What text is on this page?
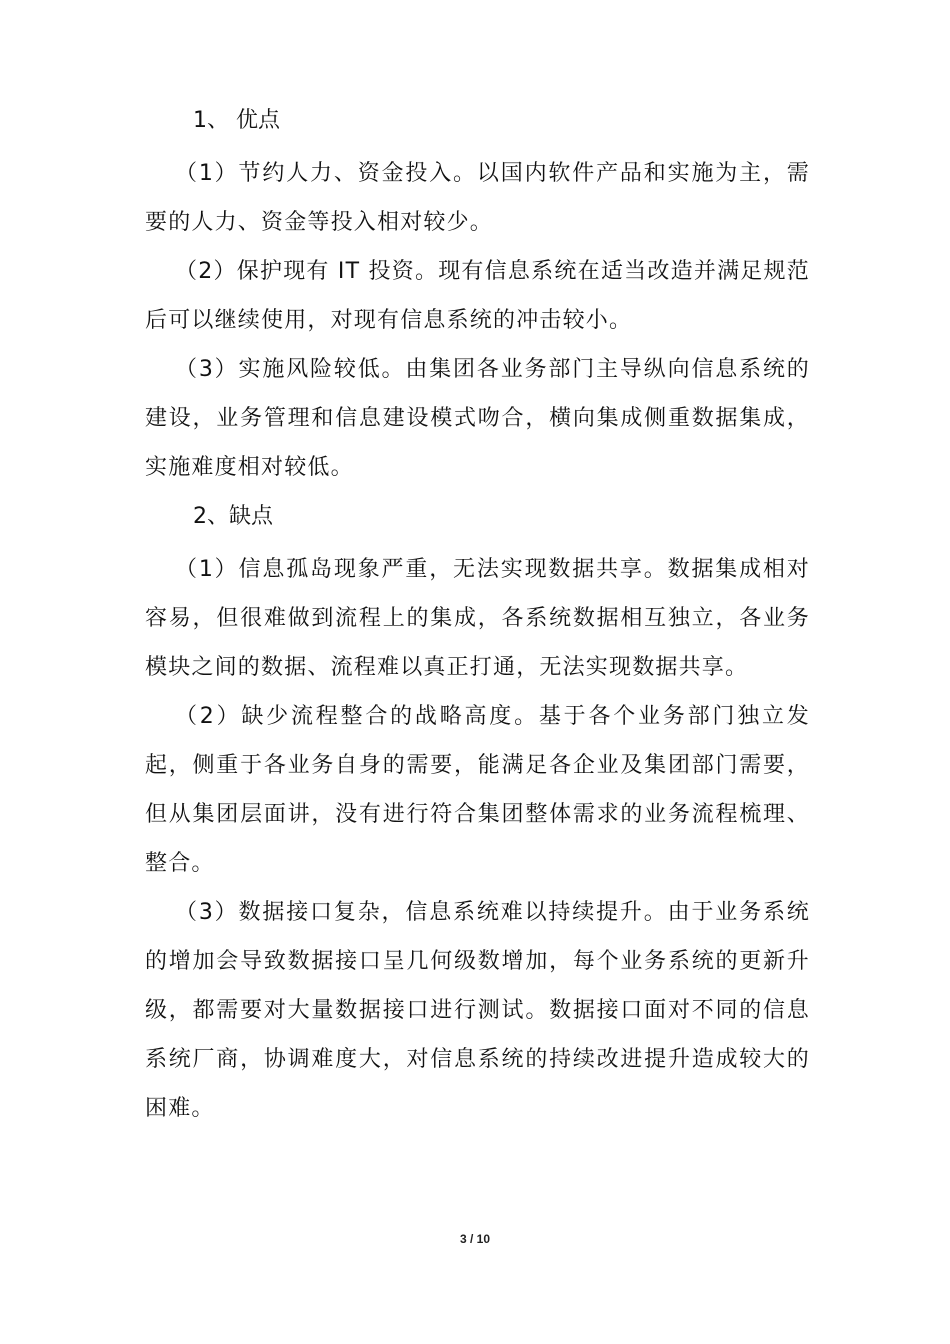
1、 优点

（1）节约人力、资金投入。以国内软件产品和实施为主，需要的人力、资金等投入相对较少。

（2）保护现有 IT 投资。现有信息系统在适当改造并满足规范后可以继续使用，对现有信息系统的冲击较小。

（3）实施风险较低。由集团各业务部门主导纵向信息系统的建设，业务管理和信息建设模式吻合，横向集成侧重数据集成，实施难度相对较低。

2、缺点

（1）信息孤岛现象严重，无法实现数据共享。数据集成相对容易，但很难做到流程上的集成，各系统数据相互独立，各业务模块之间的数据、流程难以真正打通，无法实现数据共享。

（2）缺少流程整合的战略高度。基于各个业务部门独立发起，侧重于各业务自身的需要，能满足各企业及集团部门需要，但从集团层面讲，没有进行符合集团整体需求的业务流程梳理、整合。

（3）数据接口复杂，信息系统难以持续提升。由于业务系统的增加会导致数据接口呈几何级数增加，每个业务系统的更新升级，都需要对大量数据接口进行测试。数据接口面对不同的信息系统厂商，协调难度大，对信息系统的持续改进提升造成较大的困难。

3 / 10
